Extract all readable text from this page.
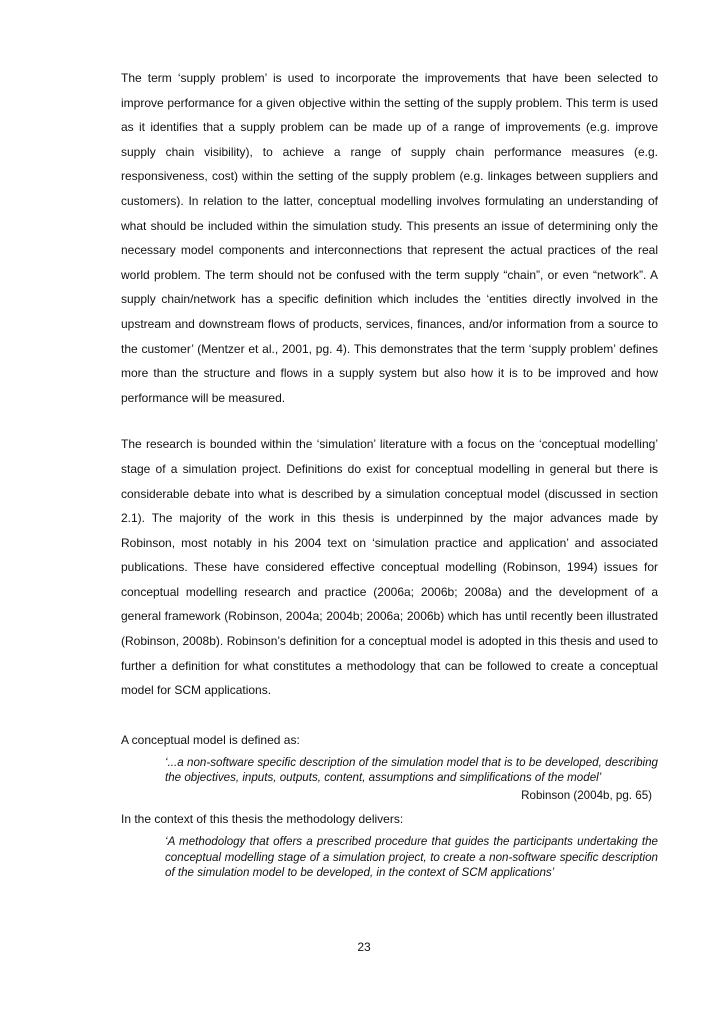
The term ‘supply problem’ is used to incorporate the improvements that have been selected to improve performance for a given objective within the setting of the supply problem. This term is used as it identifies that a supply problem can be made up of a range of improvements (e.g. improve supply chain visibility), to achieve a range of supply chain performance measures (e.g. responsiveness, cost) within the setting of the supply problem (e.g. linkages between suppliers and customers). In relation to the latter, conceptual modelling involves formulating an understanding of what should be included within the simulation study. This presents an issue of determining only the necessary model components and interconnections that represent the actual practices of the real world problem. The term should not be confused with the term supply “chain”, or even “network”. A supply chain/network has a specific definition which includes the ‘entities directly involved in the upstream and downstream flows of products, services, finances, and/or information from a source to the customer’ (Mentzer et al., 2001, pg. 4). This demonstrates that the term ‘supply problem’ defines more than the structure and flows in a supply system but also how it is to be improved and how performance will be measured.

The research is bounded within the ‘simulation’ literature with a focus on the ‘conceptual modelling’ stage of a simulation project. Definitions do exist for conceptual modelling in general but there is considerable debate into what is described by a simulation conceptual model (discussed in section 2.1). The majority of the work in this thesis is underpinned by the major advances made by Robinson, most notably in his 2004 text on ‘simulation practice and application’ and associated publications. These have considered effective conceptual modelling (Robinson, 1994) issues for conceptual modelling research and practice (2006a; 2006b; 2008a) and the development of a general framework (Robinson, 2004a; 2004b; 2006a; 2006b) which has until recently been illustrated (Robinson, 2008b). Robinson’s definition for a conceptual model is adopted in this thesis and used to further a definition for what constitutes a methodology that can be followed to create a conceptual model for SCM applications.

A conceptual model is defined as:

‘...a non-software specific description of the simulation model that is to be developed, describing the objectives, inputs, outputs, content, assumptions and simplifications of the model’

Robinson (2004b, pg. 65)

In the context of this thesis the methodology delivers:

‘A methodology that offers a prescribed procedure that guides the participants undertaking the conceptual modelling stage of a simulation project, to create a non-software specific description of the simulation model to be developed, in the context of SCM applications’

23
